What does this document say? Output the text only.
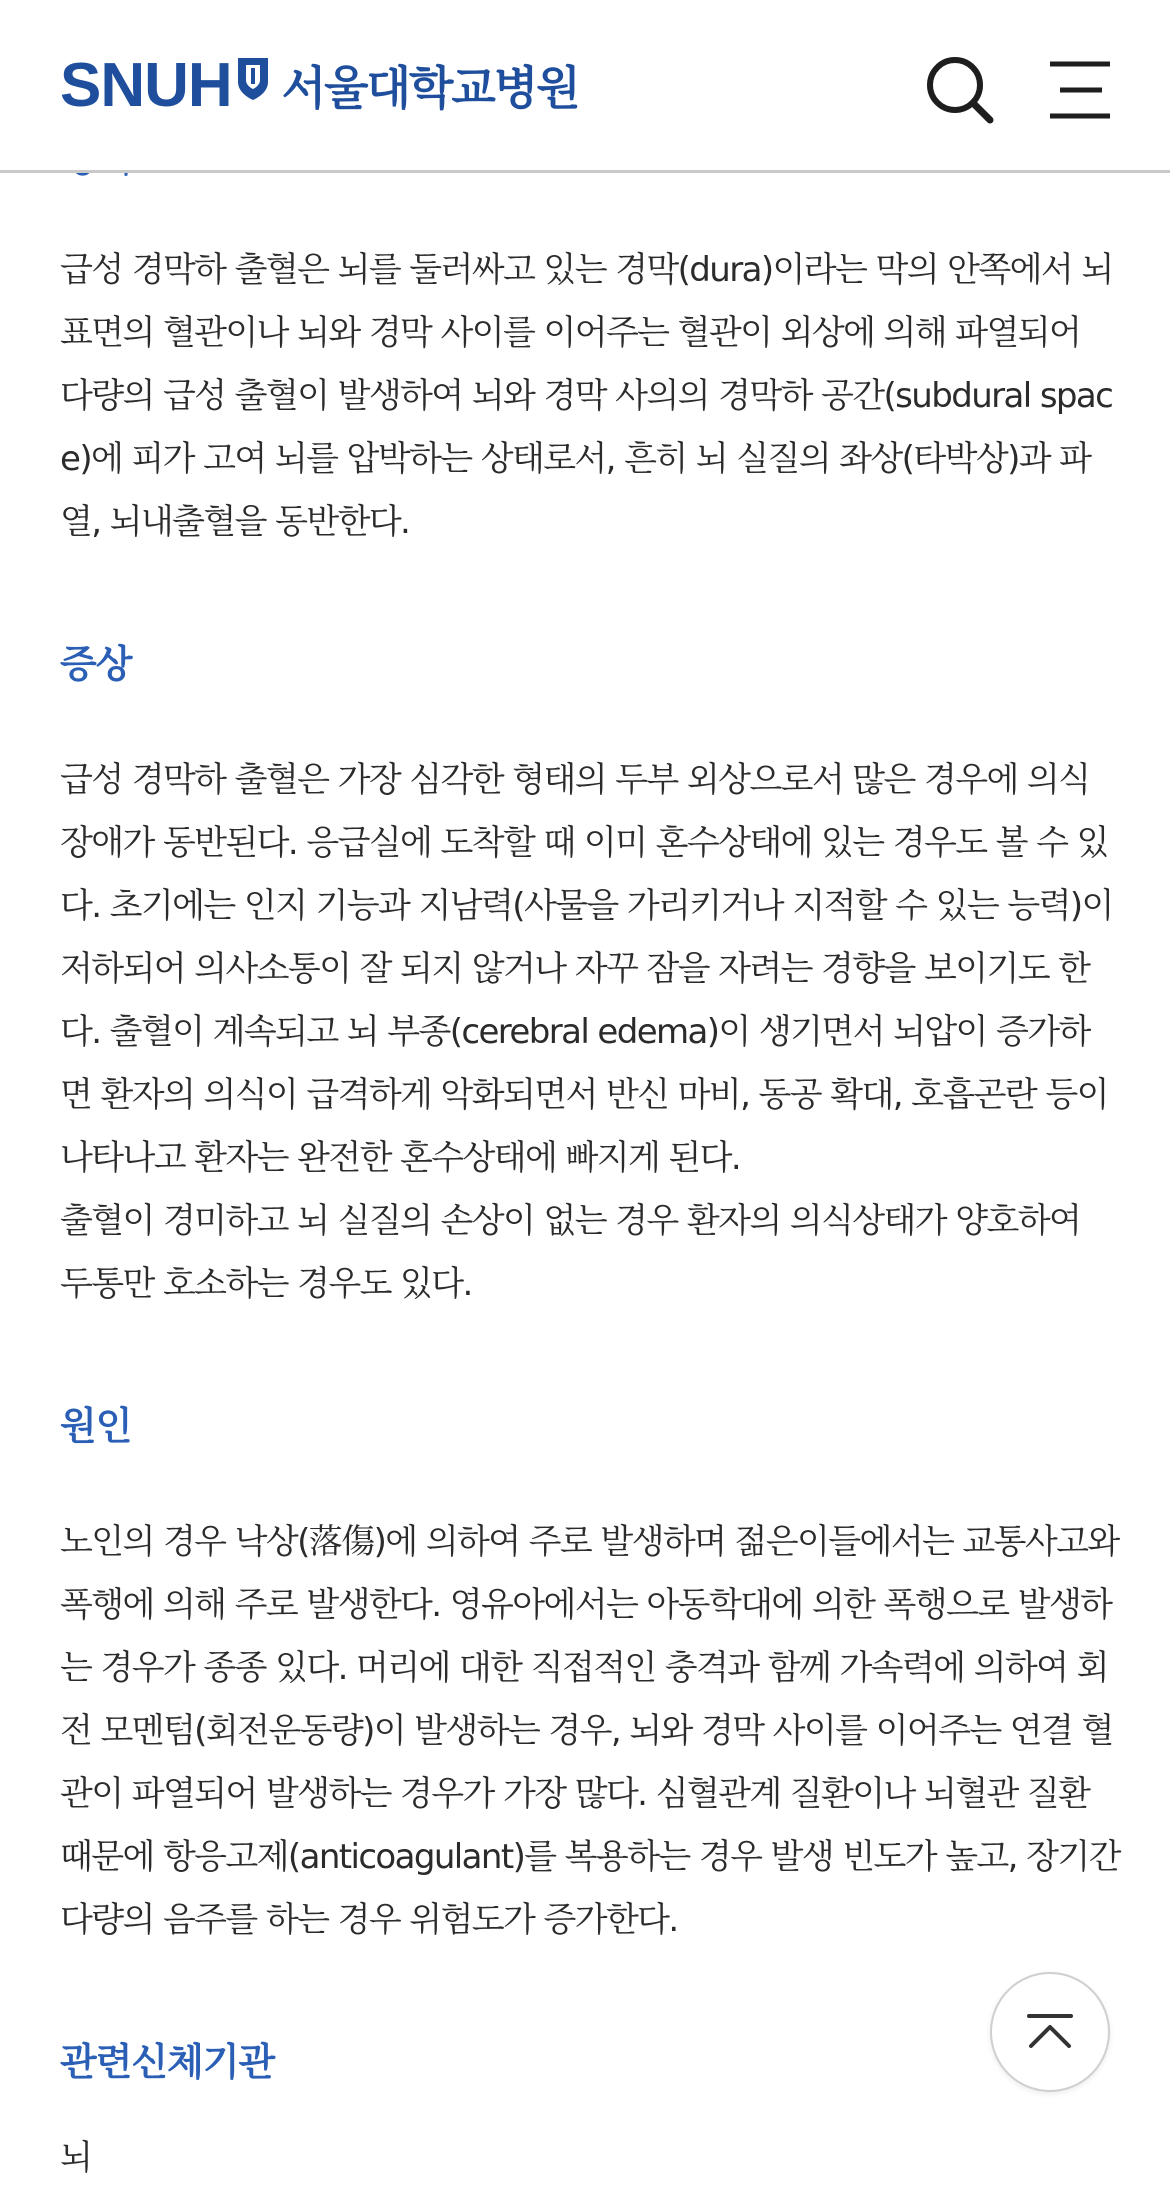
SNUH 서울대학교병원

급성 경막하 출혈은 뇌를 둘러싸고 있는 경막(dura)이라는 막의 안쪽에서 뇌 표면의 혈관이나 뇌와 경막 사이를 이어주는 혈관이 외상에 의해 파열되어 다량의 급성 출혈이 발생하여 뇌와 경막 사의의 경막하 공간(subdural space)에 피가 고여 뇌를 압박하는 상태로서, 흔히 뇌 실질의 좌상(타박상)과 파열, 뇌내출혈을 동반한다.

증상

급성 경막하 출혈은 가장 심각한 형태의 두부 외상으로서 많은 경우에 의식 장애가 동반된다. 응급실에 도착할 때 이미 혼수상태에 있는 경우도 볼 수 있다. 초기에는 인지 기능과 지남력(사물을 가리키거나 지적할 수 있는 능력)이 저하되어 의사소통이 잘 되지 않거나 자꾸 잠을 자려는 경향을 보이기도 한다. 출혈이 계속되고 뇌 부종(cerebral edema)이 생기면서 뇌압이 증가하면 환자의 의식이 급격하게 악화되면서 반신 마비, 동공 확대, 호흡곤란 등이 나타나고 환자는 완전한 혼수상태에 빠지게 된다.

출혈이 경미하고 뇌 실질의 손상이 없는 경우 환자의 의식상태가 양호하여 두통만 호소하는 경우도 있다.

원인

노인의 경우 낙상(落傷)에 의하여 주로 발생하며 젊은이들에서는 교통사고와 폭행에 의해 주로 발생한다. 영유아에서는 아동학대에 의한 폭행으로 발생하는 경우가 종종 있다. 머리에 대한 직접적인 충격과 함께 가속력에 의하여 회전 모멘텀(회전운동량)이 발생하는 경우, 뇌와 경막 사이를 이어주는 연결 혈관이 파열되어 발생하는 경우가 가장 많다. 심혈관계 질환이나 뇌혈관 질환 때문에 항응고제(anticoagulant)를 복용하는 경우 발생 빈도가 높고, 장기간 다량의 음주를 하는 경우 위험도가 증가한다.

관련신체기관

뇌
